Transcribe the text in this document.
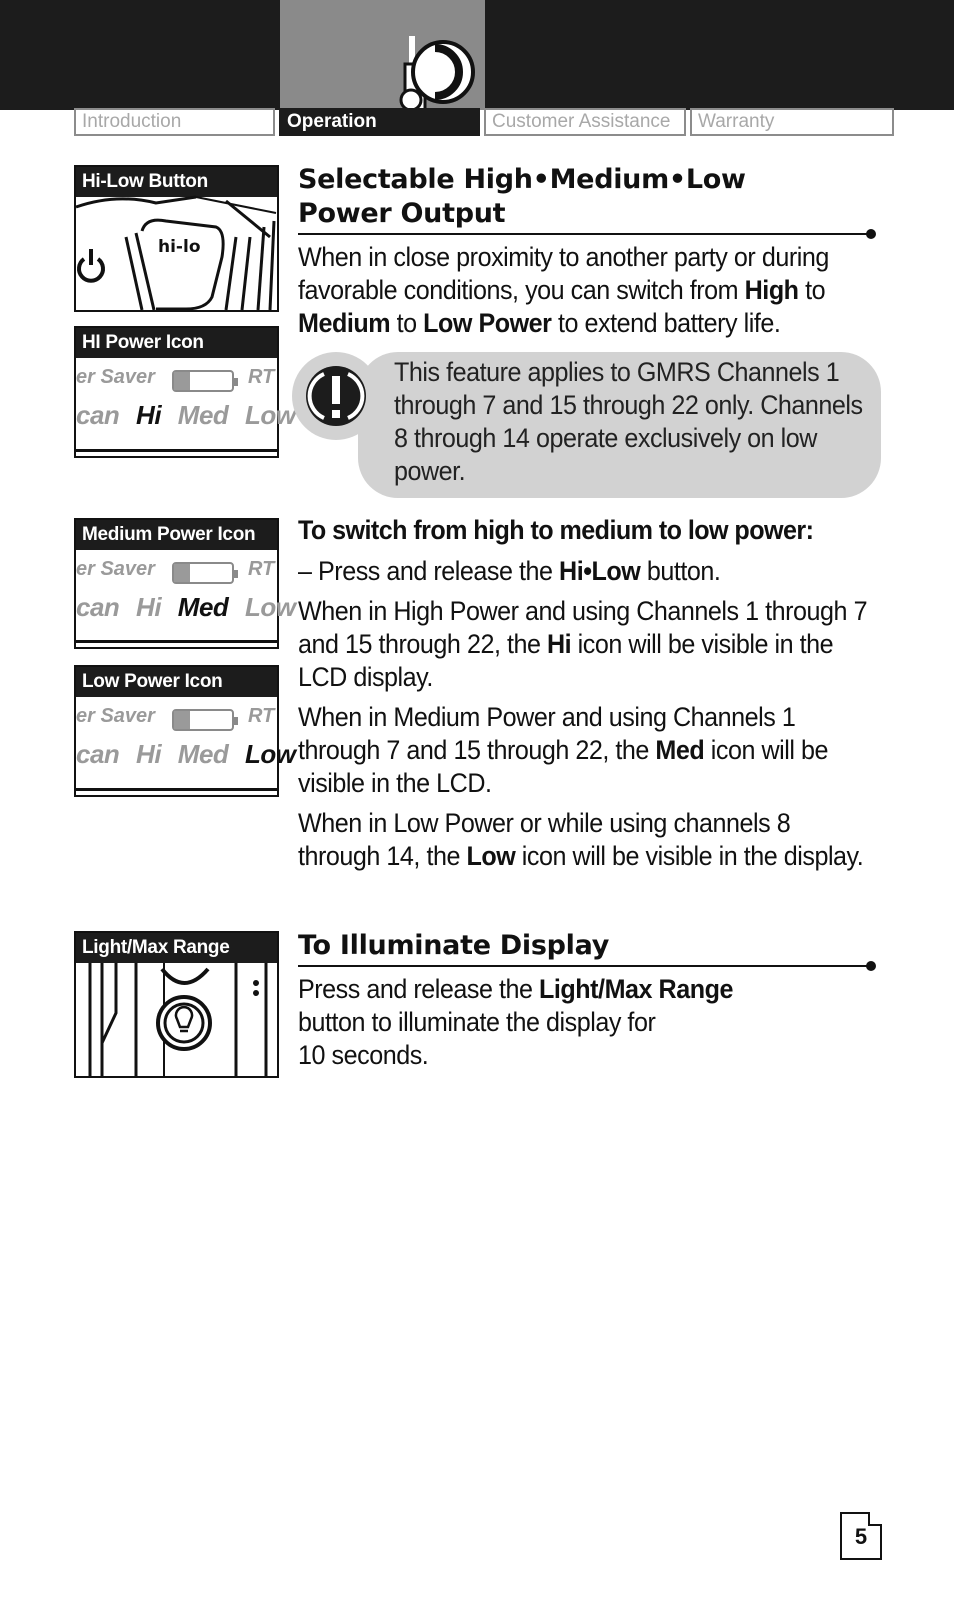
Introduction	Operation	Customer Assistance	Warranty
Hi-Low Button
hi-lo
HI Power Icon
er Saver	RT
can Hi Med Low
Medium Power Icon
er Saver	RT
can Hi Med Low
Low Power Icon
er Saver	RT
can Hi Med Low
Light/Max Range
Selectable High•Medium•Low
Power Output

When in close proximity to another party or during favorable conditions, you can switch from High to Medium to Low Power to extend battery life.

This feature applies to GMRS Channels 1 through 7 and 15 through 22 only. Channels 8 through 14 operate exclusively on low power.

To switch from high to medium to low power:

– Press and release the Hi•Low button.

When in High Power and using Channels 1 through 7 and 15 through 22, the Hi icon will be visible in the LCD display.

When in Medium Power and using Channels 1 through 7 and 15 through 22, the Med icon will be visible in the LCD.

When in Low Power or while using channels 8 through 14, the Low icon will be visible in the display.

To Illuminate Display

Press and release the Light/Max Range
button to illuminate the display for
10 seconds.

5
